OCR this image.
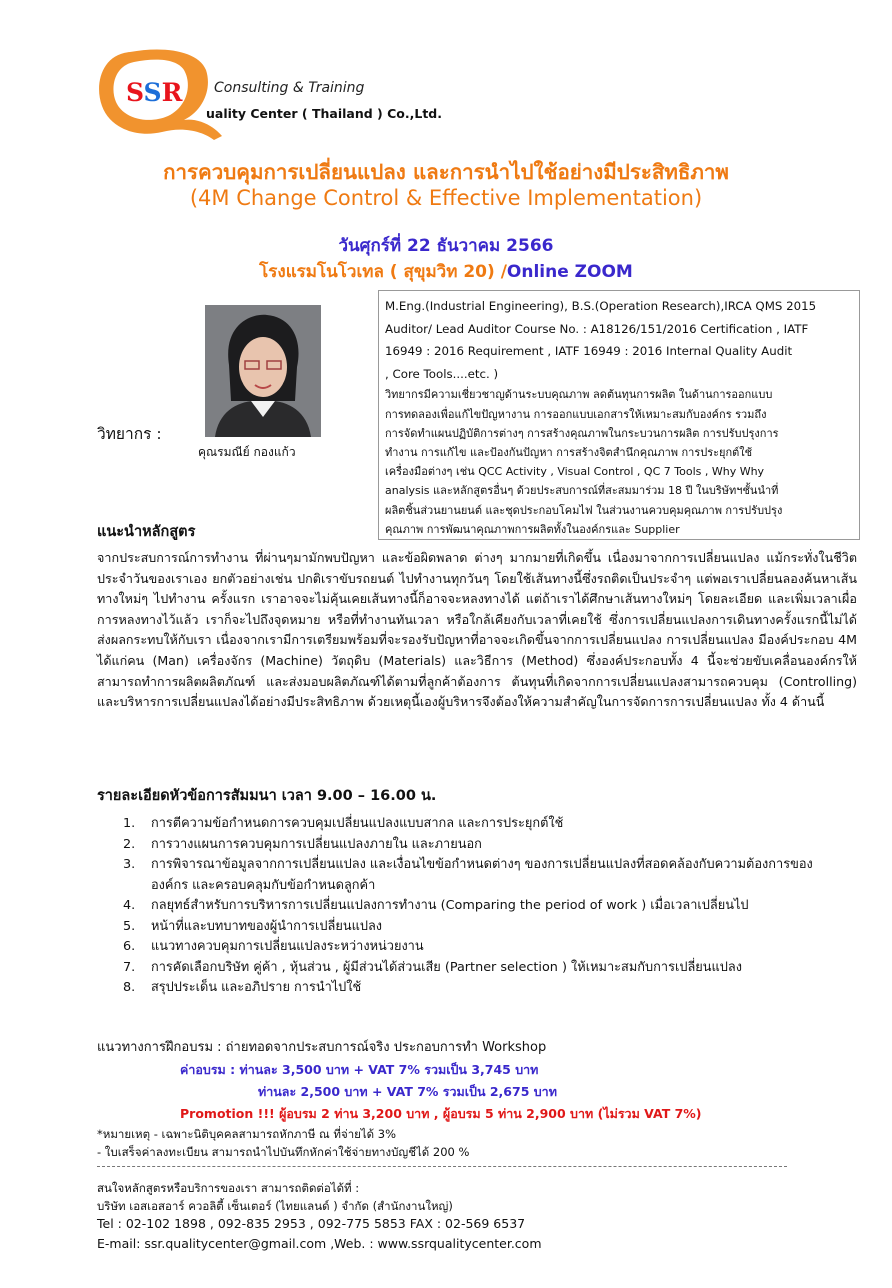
SSR Consulting & Training
uality Center ( Thailand ) Co.,Ltd.
การควบคุมการเปลี่ยนแปลง และการนำไปใช้อย่างมีประสิทธิภาพ
(4M Change Control & Effective Implementation)
วันศุกร์ที่ 22 ธันวาคม 2566
โรงแรมโนโวเทล ( สุขุมวิท 20) /Online ZOOM
วิทยากร :
คุณรมณีย์ กองแก้ว
M.Eng.(Industrial Engineering), B.S.(Operation Research),IRCA QMS 2015
Auditor/ Lead Auditor Course No. : A18126/151/2016 Certification , IATF
16949 : 2016 Requirement , IATF 16949 : 2016 Internal Quality Audit
, Core Tools....etc. )
วิทยากรมีความเชี่ยวชาญด้านระบบคุณภาพ ลดต้นทุนการผลิต ในด้านการออกแบบ
การทดลองเพื่อแก้ไขปัญหางาน การออกแบบเอกสารให้เหมาะสมกับองค์กร รวมถึง
การจัดทำแผนปฏิบัติการต่างๆ การสร้างคุณภาพในกระบวนการผลิต การปรับปรุงการ
ทำงาน การแก้ไข และป้องกันปัญหา การสร้างจิตสำนึกคุณภาพ การประยุกต์ใช้
เครื่องมือต่างๆ เช่น QCC Activity , Visual Control , QC 7 Tools , Why Why
analysis และหลักสูตรอื่นๆ ด้วยประสบการณ์ที่สะสมมาร่วม 18 ปี ในบริษัทฯชั้นนำที่
ผลิตชิ้นส่วนยานยนต์ และชุดประกอบโคมไฟ ในส่วนงานควบคุมคุณภาพ การปรับปรุง
คุณภาพ การพัฒนาคุณภาพการผลิตทั้งในองค์กรและ Supplier
แนะนำหลักสูตร
จากประสบการณ์การทำงาน ที่ผ่านๆมามักพบปัญหา และข้อผิดพลาด ต่างๆ มากมายที่เกิดขึ้น เนื่องมาจากการเปลี่ยนแปลง แม้กระทั่งในชีวิตประจำวันของเราเอง ยกตัวอย่างเช่น ปกติเราขับรถยนต์ ไปทำงานทุกวันๆ โดยใช้เส้นทางนี้ซึ่งรถติดเป็นประจำๆ แต่พอเราเปลี่ยนลองค้นหาเส้นทางใหม่ๆ ไปทำงาน ครั้งแรก เราอาจจะไม่คุ้นเคยเส้นทางนี้ก็อาจจะหลงทางได้ แต่ถ้าเราได้ศึกษาเส้นทางใหม่ๆ โดยละเอียด และเพิ่มเวลาเผื่อการหลงทางไว้แล้ว เราก็จะไปถึงจุดหมาย หรือที่ทำงานทันเวลา หรือใกล้เคียงกับเวลาที่เคยใช้ ซึ่งการเปลี่ยนแปลงการเดินทางครั้งแรกนี้ไม่ได้ส่งผลกระทบให้กับเรา เนื่องจากเรามีการเตรียมพร้อมที่จะรองรับปัญหาที่อาจจะเกิดขึ้นจากการเปลี่ยนแปลง การเปลี่ยนแปลง มีองค์ประกอบ 4M ได้แก่คน (Man) เครื่องจักร (Machine) วัตถุดิบ (Materials) และวิธีการ (Method) ซึ่งองค์ประกอบทั้ง 4 นี้จะช่วยขับเคลื่อนองค์กรให้สามารถทำการผลิตผลิตภัณฑ์ และส่งมอบผลิตภัณฑ์ได้ตามที่ลูกค้าต้องการ ต้นทุนที่เกิดจากการเปลี่ยนแปลงสามารถควบคุม (Controlling) และบริหารการเปลี่ยนแปลงได้อย่างมีประสิทธิภาพ ด้วยเหตุนี้เองผู้บริหารจึงต้องให้ความสำคัญในการจัดการการเปลี่ยนแปลง ทั้ง 4 ด้านนี้
รายละเอียดหัวข้อการสัมมนา เวลา 9.00 – 16.00 น.
1. การตีความข้อกำหนดการควบคุมเปลี่ยนแปลงแบบสากล และการประยุกต์ใช้
2. การวางแผนการควบคุมการเปลี่ยนแปลงภายใน และภายนอก
3. การพิจารณาข้อมูลจากการเปลี่ยนแปลง และเงื่อนไขข้อกำหนดต่างๆ ของการเปลี่ยนแปลงที่สอดคล้องกับความต้องการขององค์กร และครอบคลุมกับข้อกำหนดลูกค้า
4. กลยุทธ์สำหรับการบริหารการเปลี่ยนแปลงการทำงาน (Comparing the period of work ) เมื่อเวลาเปลี่ยนไป
5. หน้าที่และบทบาทของผู้นำการเปลี่ยนแปลง
6. แนวทางควบคุมการเปลี่ยนแปลงระหว่างหน่วยงาน
7. การคัดเลือกบริษัท คู่ค้า , หุ้นส่วน , ผู้มีส่วนได้ส่วนเสีย (Partner selection ) ให้เหมาะสมกับการเปลี่ยนแปลง
8. สรุปประเด็น และอภิปราย การนำไปใช้
แนวทางการฝึกอบรม : ถ่ายทอดจากประสบการณ์จริง ประกอบการทำ Workshop
ค่าอบรม : ท่านละ 3,500 บาท + VAT 7% รวมเป็น 3,745 บาท
ท่านละ 2,500 บาท + VAT 7% รวมเป็น 2,675 บาท
Promotion !!! ผู้อบรม 2 ท่าน 3,200 บาท , ผู้อบรม 5 ท่าน 2,900 บาท (ไม่รวม VAT 7%)
*หมายเหตุ - เฉพาะนิติบุคคลสามารถหักภาษี ณ ที่จ่ายได้ 3%
- ใบเสร็จค่าลงทะเบียน สามารถนำไปบันทึกหักค่าใช้จ่ายทางบัญชีได้ 200 %
สนใจหลักสูตรหรือบริการของเรา สามารถติดต่อได้ที่ :
บริษัท เอสเอสอาร์ ควอลิตี้ เซ็นเตอร์ (ไทยแลนด์ ) จำกัด (สำนักงานใหญ่)
Tel : 02-102 1898 , 092-835 2953 , 092-775 5853 FAX : 02-569 6537
E-mail: ssr.qualitycenter@gmail.com ,Web. : www.ssrqualitycenter.com
